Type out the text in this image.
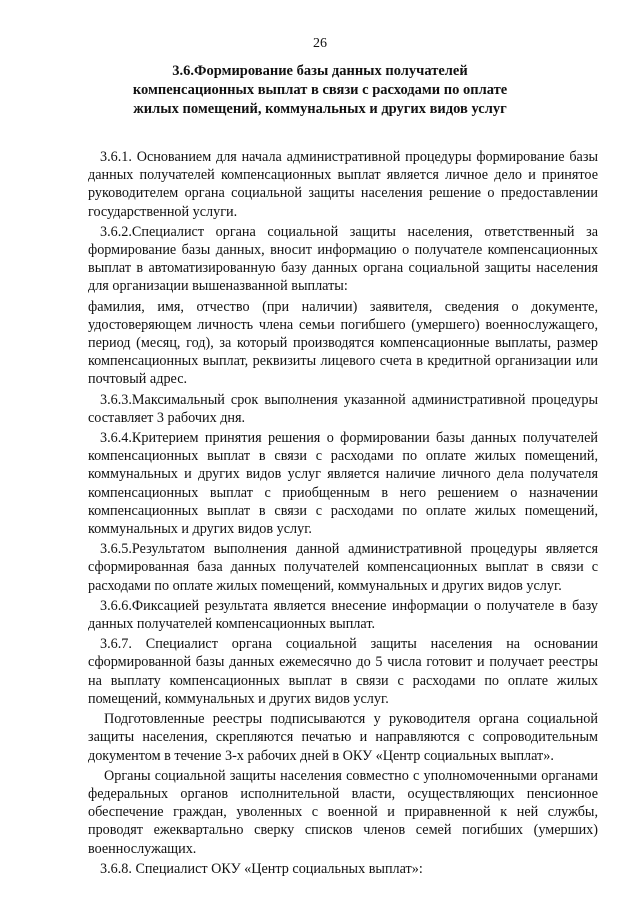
26
3.6.Формирование базы данных получателей
компенсационных выплат в связи с расходами по оплате
жилых помещений, коммунальных и других видов услуг

3.6.1. Основанием для начала административной процедуры формирование базы данных получателей компенсационных выплат является личное дело и принятое руководителем органа социальной защиты населения решение о предоставлении государственной услуги.

3.6.2.Специалист органа социальной защиты населения, ответственный за формирование базы данных, вносит информацию о получателе компенсационных выплат в автоматизированную базу данных органа социальной защиты населения для организации вышеназванной выплаты:

фамилия, имя, отчество (при наличии) заявителя, сведения о документе, удостоверяющем личность члена семьи погибшего (умершего) военнослужащего, период (месяц, год), за который производятся компенсационные выплаты, размер компенсационных выплат, реквизиты лицевого счета в кредитной организации или почтовый адрес.

3.6.3.Максимальный срок выполнения указанной административной процедуры составляет 3 рабочих дня.

3.6.4.Критерием принятия решения о формировании базы данных получателей компенсационных выплат в связи с расходами по оплате жилых помещений, коммунальных и других видов услуг является наличие личного дела получателя компенсационных выплат с приобщенным в него решением о назначении компенсационных выплат в связи с расходами по оплате жилых помещений, коммунальных и других видов услуг.

3.6.5.Результатом выполнения данной административной процедуры является сформированная база данных получателей компенсационных выплат в связи с расходами по оплате жилых помещений, коммунальных и других видов услуг.

3.6.6.Фиксацией результата является внесение информации о получателе в базу данных получателей компенсационных выплат.

3.6.7. Специалист органа социальной защиты населения на основании сформированной базы данных ежемесячно до 5 числа готовит и получает реестры на выплату компенсационных выплат в связи с расходами по оплате жилых помещений, коммунальных и других видов услуг.

Подготовленные реестры подписываются у руководителя органа социальной защиты населения, скрепляются печатью и направляются с сопроводительным документом в течение 3-х рабочих дней в ОКУ «Центр социальных выплат».

Органы социальной защиты населения совместно с уполномоченными органами федеральных органов исполнительной власти, осуществляющих пенсионное обеспечение граждан, уволенных с военной и приравненной к ней службы, проводят ежеквартально сверку списков членов семей погибших (умерших) военнослужащих.

3.6.8. Специалист ОКУ «Центр социальных выплат»:
